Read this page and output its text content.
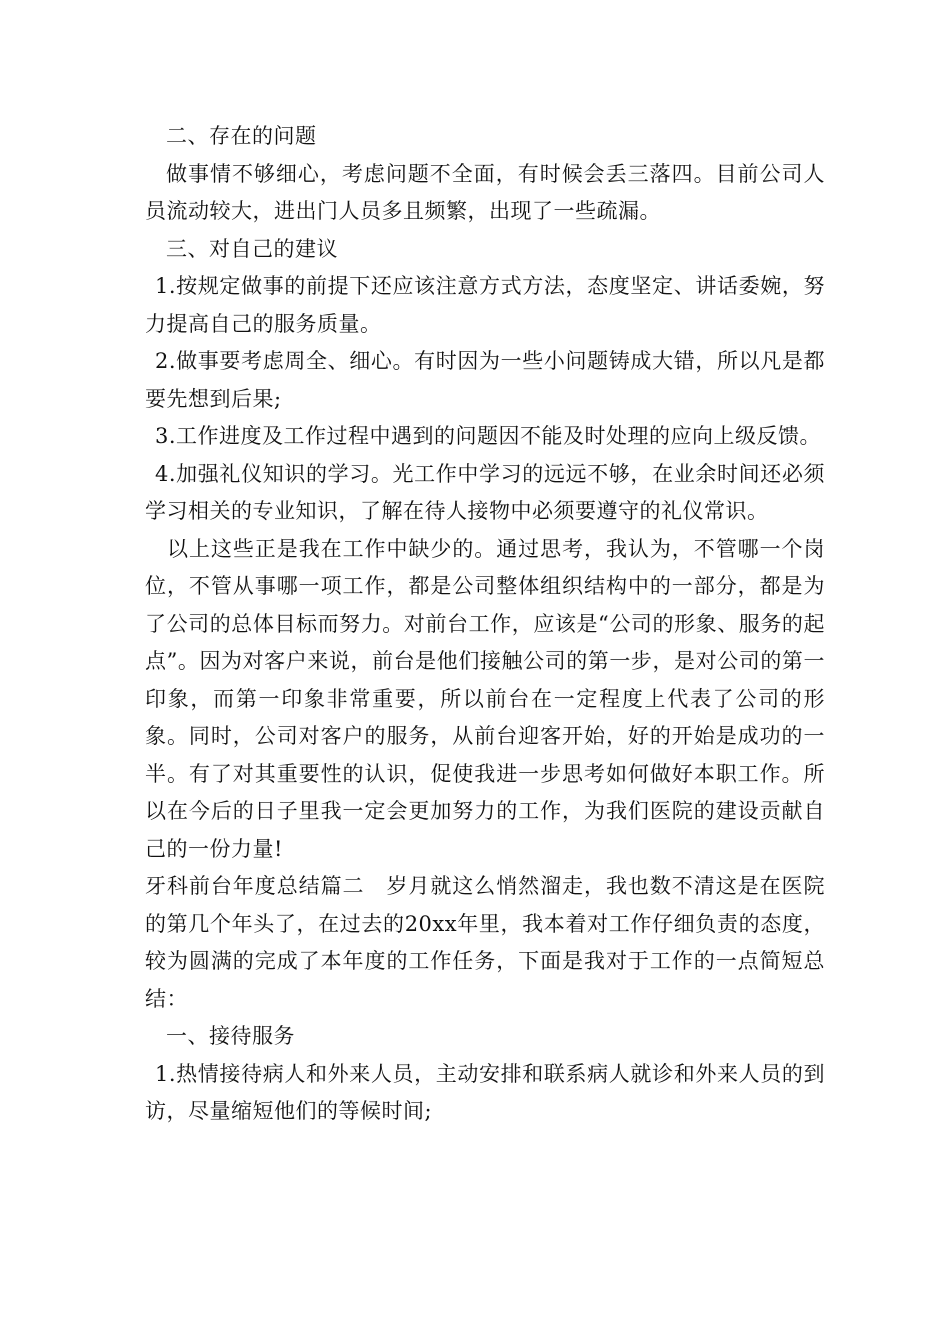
二、存在的问题

做事情不够细心，考虑问题不全面，有时候会丢三落四。目前公司人员流动较大，进出门人员多且频繁，出现了一些疏漏。

三、对自己的建议

1.按规定做事的前提下还应该注意方式方法，态度坚定、讲话委婉，努力提高自己的服务质量。

2.做事要考虑周全、细心。有时因为一些小问题铸成大错，所以凡是都要先想到后果;

3.工作进度及工作过程中遇到的问题因不能及时处理的应向上级反馈。

4.加强礼仪知识的学习。光工作中学习的远远不够，在业余时间还必须学习相关的专业知识，了解在待人接物中必须要遵守的礼仪常识。

以上这些正是我在工作中缺少的。通过思考，我认为，不管哪一个岗位，不管从事哪一项工作，都是公司整体组织结构中的一部分，都是为了公司的总体目标而努力。对前台工作，应该是“公司的形象、服务的起点”。因为对客户来说，前台是他们接触公司的第一步，是对公司的第一印象，而第一印象非常重要，所以前台在一定程度上代表了公司的形象。同时，公司对客户的服务，从前台迎客开始，好的开始是成功的一半。有了对其重要性的认识，促使我进一步思考如何做好本职工作。所以在今后的日子里我一定会更加努力的工作，为我们医院的建设贡献自己的一份力量!

牙科前台年度总结篇二　岁月就这么悄然溜走，我也数不清这是在医院的第几个年头了，在过去的20xx年里，我本着对工作仔细负责的态度，较为圆满的完成了本年度的工作任务，下面是我对于工作的一点简短总结：

一、接待服务

1.热情接待病人和外来人员，主动安排和联系病人就诊和外来人员的到访，尽量缩短他们的等候时间;
